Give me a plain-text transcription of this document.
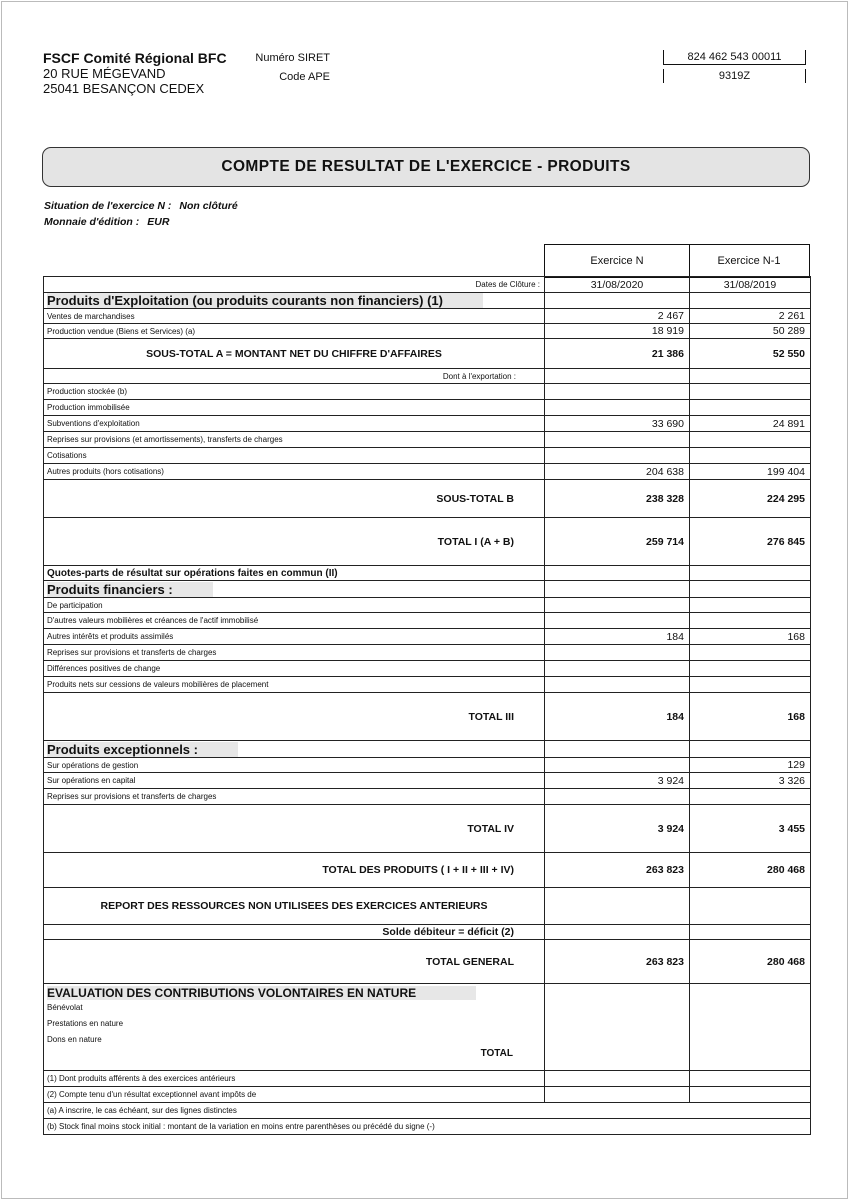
FSCF Comité Régional BFC
20 RUE MÉGEVAND
25041 BESANÇON CEDEX
Numéro SIRET	824 462 543 00011
Code APE	9319Z
COMPTE DE RESULTAT DE L'EXERCICE - PRODUITS
Situation de l'exercice N : Non clôturé
Monnaie d'édition : EUR
Exercice N	Exercice N-1
Dates de Clôture :	31/08/2020	31/08/2019
Produits d'Exploitation (ou produits courants non financiers) (1)		
Ventes de marchandises	2 467	2 261
Production vendue (Biens et Services) (a)	18 919	50 289
SOUS-TOTAL A = MONTANT NET DU CHIFFRE D'AFFAIRES	21 386	52 550
Dont à l'exportation :		
Production stockée (b)		
Production immobilisée		
Subventions d'exploitation	33 690	24 891
Reprises sur provisions (et amortissements), transferts de charges		
Cotisations		
Autres produits (hors cotisations)	204 638	199 404
SOUS-TOTAL B	238 328	224 295
TOTAL I (A + B)	259 714	276 845
Quotes-parts de résultat sur opérations faites en commun (II)		
Produits financiers :		
De participation		
D'autres valeurs mobilières et créances de l'actif immobilisé		
Autres intérêts et produits assimilés	184	168
Reprises sur provisions et transferts de charges		
Différences positives de change		
Produits nets sur cessions de valeurs mobilières de placement		
TOTAL III	184	168
Produits exceptionnels :		
Sur opérations de gestion		129
Sur opérations en capital	3 924	3 326
Reprises sur provisions et transferts de charges		
TOTAL IV	3 924	3 455
TOTAL DES PRODUITS ( I + II + III + IV)	263 823	280 468
REPORT DES RESSOURCES NON UTILISEES DES EXERCICES ANTERIEURS		
Solde débiteur = déficit (2)		
TOTAL GENERAL	263 823	280 468

EVALUATION DES CONTRIBUTIONS VOLONTAIRES EN NATURE
Bénévolat
Prestations en nature
Dons en nature
TOTAL		

(1) Dont produits afférents à des exercices antérieurs		
(2) Compte tenu d'un résultat exceptionnel avant impôts de		
(a) A inscrire, le cas échéant, sur des lignes distinctes		
(b) Stock final moins stock initial : montant de la variation en moins entre parenthèses ou précédé du signe (-)		
